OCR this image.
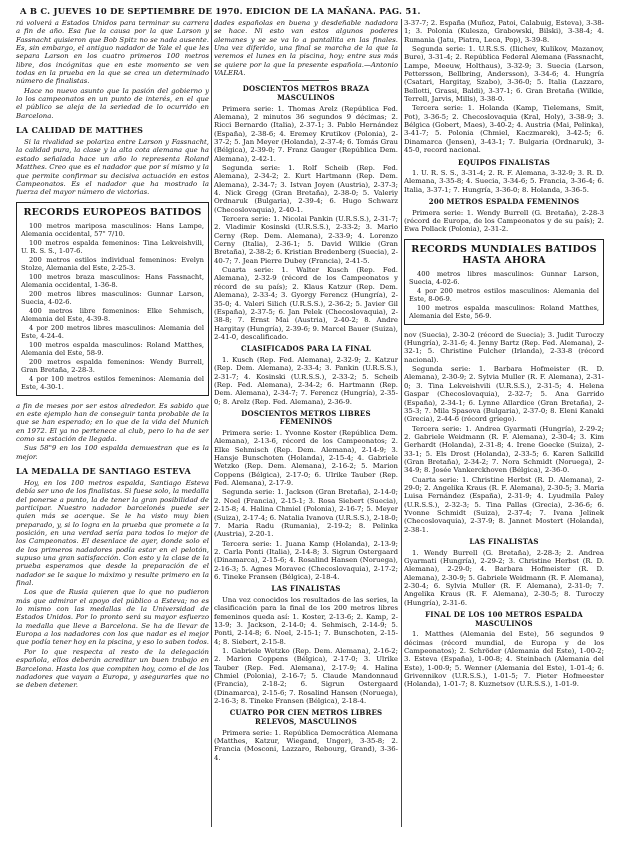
A B C. JUEVES 10 DE SEPTIEMBRE DE 1970. EDICION DE LA MAÑANA. PAG. 51.

rá volverá a Estados Unidos para terminar su carrera a fin de año. Esa fue la causa por la que Larson y Fassnacht quisieron que Bob Spitz no se nada ausente. Es, sin embargo, el antiguo nadador de Yale el que les separa Larson en los cuatro primeros 100 metros libre, dos incógnitas que en este momento se ven todas en la prueba en la que se crea un determinado número de finalistas.

Hace no nuevo asunto que la pasión del gobierno y lo los campeonatos en un punto de interés, en el que el público se aleja de la seriedad de lo ocurrido en Barcelona.

LA CALIDAD DE MATTHES

Si la rivalidad se polariza entre Larson y Fassnacht, la calidad pura, la clase y la alta cota alemana que ha estado señalada hace un año lo representa Roland Matthes. Creo que es el nadador que por sí mismo y la que permite confirmar su decisiva actuación en estos Campeonatos. Es el nadador que ha mostrado la fuerza del mayor número de victorias.

RECORDS EUROPEOS BATIDOS

100 metros mariposa masculinos: Hans Lampe, Alemania occidental, 57" 7/10.

100 metros espalda femeninos: Tina Lekveishvili, U. R. S. S., 1-07-6.

200 metros estilos individual femeninos: Evelyn Stolze, Alemania del Este, 2-25-3.

100 metros braza masculinos: Hans Fassnacht, Alemania occidental, 1-36-8.

200 metros libres masculinos: Gunnar Larson, Suecia, 4-02-6.

400 metros libre femeninos: Elke Sehmisch, Alemania del Este, 4-39-8.

4 por 200 metros libres masculinos: Alemania del Este, 4-24-4.

100 metros espalda masculinos: Roland Matthes, Alemania del Este, 58-9.

200 metros espalda femeninos: Wendy Burrell, Gran Bretaña, 2-28-3.

4 por 100 metros estilos femeninos: Alemania del Este, 4-30-1.

a fin de meses por ser estos alrededor. Es sabido que en este ejemplo han de conseguir tanta probable de la que se han esperado; en lo que de la vida del Munich en 1972. El ya no pertenece al club, pero lo ha de ser como su estación de llegada.

Sus 58"9 en los 100 espalda demuestran que es la mejor.

LA MEDALLA DE SANTIAGO ESTEVA

Hoy, en los 100 metros espalda, Santiago Esteva debía ser uno de los finalistas. Si fuese solo, la medalla del ponerse a punto, la de tener la gran posibilidad de participar. Nuestro nadador barcelonés puede ser quien más se acerque. Se le ha visto muy bien preparado, y, si lo logra en la prueba que promete a la posición, en una verdad sería para todos lo mejor de los Campeonatos. El desenlace de ayer, donde solo el de los primeros nadadores podía estar en el pelotón, supuso una gran satisfacción. Con esto y la clase de la prueba esperamos que desde la preparación de el nadador se le saque lo máximo y resulte primero en la final.

Los que de Rusia quieren que lo que no pudieron más que admirar el apoyo del público a Esteva; no es lo mismo con las medallas de la Universidad de Estados Unidos. Por lo pronto será su mayor esfuerzo la medalla que lleve a Barcelona. Se ha de llevar de Europa a los nadadores con los que nadar es el mejor que podía tener hoy en la piscina, y eso lo saben todos.

Por lo que respecta al resto de la delegación española, ellos deberán acreditar un buen trabajo en Barcelona. Hasta los que compiten hoy, como el de los nadadores que vayan a Europa, y asegurarles que no se deben detener.

dades españolas en buena y desdeñable nadadora se hace. Ni esto van estos algunos poderes alemanes y se se va lo a pantallita en las finales. Una vez diferido, una final se marcha de la que la veremos el lunes en la piscina, hoy; entre sus más se quiere por la que la presente española.—Antonio VALERA.

DOSCIENTOS METROS BRAZA MASCULINOS

Primera serie: 1. Thomas Arelz (República Fed. Alemana), 2 minutos 36 segundos 9 décimas; 2. Ricci Bernardo (Italia), 2-37-1; 3. Pablo Hernández (España), 2-38-6; 4. Eremey Krutikov (Polonia), 2-37-2; 5. Jan Meyer (Holanda), 2-37-4; 6. Tomás Grau (Bélgica), 2-39-0; 7. Franz Gauger (República Dem. Alemana), 2-42-1.

Segunda serie: 1. Rolf Scheib (Rep. Fed. Alemana), 2-34-2; 2. Kurt Hartmann (Rep. Dem. Alemana), 2-34-7; 3. Istvan Joyen (Austria), 2-37-3; 4. Nick Gregg (Gran Bretaña), 2-38-0; 5. Valeriy Ordnaruk (Bulgaria), 2-39-4; 6. Hugo Schwarz (Checoslovaquia), 2-40-1.

Tercera serie: 1. Nicolai Pankin (U.R.S.S.), 2-31-7; 2. Vladimir Kosinski (U.R.S.S.), 2-33-2; 3. Mario Cerny (Rep. Dem. Alemana), 2-33-9; 4. Lorenzo Cerny (Italia), 2-36-1; 5. David Wilkie (Gran Bretaña), 2-38-2; 6. Kristian Bredenberg (Suecia), 2-40-7; 7. Jean Pierre Dubey (Francia), 2-41-5.

Cuarta serie: 1. Walter Kusch (Rep. Fed. Alemana), 2-32-9 (récord de los Campeonatos y récord de su país); 2. Klaus Katzur (Rep. Dem. Alemana), 2-33-4; 3. Gyorgy Ferencz (Hungría), 2-35-0; 4. Valeri Silich (U.R.S.S.), 2-36-2; 5. Javier Gil (España), 2-37-5; 6. Jan Pelek (Checoslovaquia), 2-38-8; 7. Ernst Mai (Austria), 2-40-2; 8. Andre Hargitay (Hungría), 2-39-6; 9. Marcel Bauer (Suiza), 2-41-0, descalificado.

CLASIFICADOS PARA LA FINAL

1. Kusch (Rep. Fed. Alemana), 2-32-9; 2. Katzur (Rep. Dem. Alemana), 2-33-4; 3. Pankin (U.R.S.S.), 2-31-7; 4. Kosinski (U.R.S.S.), 2-33-2; 5. Scheib (Rep. Fed. Alemana), 2-34-2; 6. Hartmann (Rep. Dem. Alemana), 2-34-7; 7. Ferencz (Hungría), 2-35-0; 8. Arelz (Rep. Fed. Alemana), 2-36-9.

DOSCIENTOS METROS LIBRES FEMENINOS

Primera serie: 1. Yvonne Koster (República Dem. Alemana), 2-13-6, récord de los Campeonatos; 2. Elke Sehmisch (Rep. Dem. Alemana), 2-14-9; 3. Hansje Bunschoten (Holanda), 2-15-4; 4. Gabriele Wetzko (Rep. Dem. Alemana), 2-16-2; 5. Marion Coppens (Bélgica), 2-17-0; 6. Ulrike Tauber (Rep. Fed. Alemana), 2-17-9.

Segunda serie: 1. Jackson (Gran Bretaña), 2-14-0; 2. Noel (Francia), 2-15-1; 3. Rosa Siebert (Suecia), 2-15-8; 4. Halina Chmiel (Polonia), 2-16-7; 5. Meyer (Suiza), 2-17-4; 6. Natalia Ivanova (U.R.S.S.), 2-18-0; 7. Maria Radu (Rumania), 2-19-2; 8. Pelinka (Austria), 2-20-1.

Tercera serie: 1. Juana Kamp (Holanda), 2-13-9; 2. Carla Ponti (Italia), 2-14-8; 3. Sigrun Ostergaard (Dinamarca), 2-15-6; 4. Rosalind Hansen (Noruega), 2-16-3; 5. Agnes Moravec (Checoslovaquia), 2-17-2; 6. Tineke Fransen (Bélgica), 2-18-4.

LAS FINALISTAS

Una vez conocidos los resultados de las series, la clasificación para la final de los 200 metros libres femeninos queda así: 1. Koster, 2-13-6; 2. Kamp, 2-13-9; 3. Jackson, 2-14-0; 4. Sehmisch, 2-14-9; 5. Ponti, 2-14-8; 6. Noel, 2-15-1; 7. Bunschoten, 2-15-4; 8. Siebert, 2-15-8.

1. Gabriele Wetzko (Rep. Dem. Alemana), 2-16-2; 2. Marion Coppens (Bélgica), 2-17-0; 3. Ulrike Tauber (Rep. Fed. Alemana), 2-17-9; 4. Halina Chmiel (Polonia), 2-16-7; 5. Claude Mandonnaud (Francia), 2-18-2; 6. Sigrun Ostergaard (Dinamarca), 2-15-6; 7. Rosalind Hansen (Noruega), 2-16-3; 8. Tineke Fransen (Bélgica), 2-18-4.

CUATRO POR CIEN METROS LIBRES RELEVOS, MASCULINOS

Primera serie: 1. República Democrática Alemana (Matthes, Katzur, Wiegand, Unger), 3-35-8; 2. Francia (Mosconi, Lazzaro, Rebourg, Grand), 3-36-4.

3-37-7; 2. España (Muñoz, Patoi, Calabuig, Esteva), 3-38-1; 3. Polonia (Kulesza, Grabowski, Bilski), 3-38-4; 4. Rumania (Jatu, Piatra, Leca, Pop), 3-39-8.

Segunda serie: 1. U.R.S.S. (Ilichev, Kulikov, Mazanov, Bure), 3-31-4; 2. República Federal Alemana (Fassnacht, Lampe, Meeuw, Holthaus), 3-32-9; 3. Suecia (Larson, Pettersson, Bellbring, Andersson), 3-34-6; 4. Hungría (Csatari, Hargitay, Szabo), 3-36-0; 5. Italia (Lazzaro, Bellotti, Grassi, Baldi), 3-37-1; 6. Gran Bretaña (Wilkie, Terrell, Jarvis, Mills), 3-38-0.

Tercera serie: 1. Holanda (Kamp, Tielemans, Smit, Pot), 3-36-5; 2. Checoslovaquia (Kral, Holy), 3-38-9; 3. Bélgica (Gobert, Maes), 3-40-2; 4. Austria (Mai, Pelinka), 3-41-7; 5. Polonia (Chmiel, Kaczmarek), 3-42-5; 6. Dinamarca (Jensen), 3-43-1; 7. Bulgaria (Ordnaruk), 3-45-0, record nacional.

EQUIPOS FINALISTAS

1. U. R. S. S., 3-31-4; 2. R. F. Alemana, 3-32-9; 3. R. D. Alemana, 3-35-8; 4. Suecia, 3-34-6; 5. Francia, 3-36-4; 6. Italia, 3-37-1; 7. Hungría, 3-36-0; 8. Holanda, 3-36-5.

200 METROS ESPALDA FEMENINOS

Primera serie: 1. Wendy Burrell (G. Bretaña), 2-28-3 (récord de Europa, de los Campeonatos y de su país); 2. Ewa Pollack (Polonia), 2-31-2.

RECORDS MUNDIALES BATIDOS HASTA AHORA

400 metros libres masculinos: Gunnar Larson, Suecia, 4-02-6.

4 por 200 metros estilos masculinos: Alemania del Este, 8-06-9.

100 metros espalda masculinos: Roland Matthes, Alemania del Este, 56-9.

nov (Suecia), 2-30-2 (récord de Suecia); 3. Judit Turoczy (Hungría), 2-31-6; 4. Jenny Bartz (Rep. Fed. Alemana), 2-32-1; 5. Christine Fulcher (Irlanda), 2-33-8 (récord nacional).

Segunda serie: 1. Barbara Hofmeister (R. D. Alemana), 2-30-9; 2. Sylvia Muller (R. F. Alemana), 2-31-0; 3. Tina Lekveishvili (U.R.S.S.), 2-31-5; 4. Helena Gaspar (Checoslovaquia), 2-32-7; 5. Ana Garrido (España), 2-34-1; 6. Lynne Allardice (Gran Bretaña), 2-35-3; 7. Mila Spasova (Bulgaria), 2-37-0; 8. Eleni Kanaki (Grecia), 2-44-6 (récord griego).

Tercera serie: 1. Andrea Gyarmati (Hungría), 2-29-2; 2. Gabriele Weidmann (R. F. Alemana), 2-30-4; 3. Kim Gerhardt (Holanda), 2-31-8; 4. Irene Goecke (Suiza), 2-33-1; 5. Els Drost (Holanda), 2-33-5; 6. Karen Salkilld (Gran Bretaña), 2-34-2; 7. Nora Schmidt (Noruega), 2-34-9; 8. Josée Vankerckhoven (Bélgica), 2-36-0.

Cuarta serie: 1. Christine Herbst (R. D. Alemana), 2-29-0; 2. Angelika Kraus (R. F. Alemana), 2-30-5; 3. Maria Luisa Fernández (España), 2-31-9; 4. Lyudmila Paley (U.R.S.S.), 2-32-3; 5. Tina Pallas (Grecia), 2-36-6; 6. Yvonne Schmidt (Suiza), 2-37-4; 7. Ivana Jelinek (Checoslovaquia), 2-37-9; 8. Jannet Mostert (Holanda), 2-38-1.

LAS FINALISTAS

1. Wendy Burrell (G. Bretaña), 2-28-3; 2. Andrea Gyarmati (Hungría), 2-29-2; 3. Christine Herbst (R. D. Alemana), 2-29-0; 4. Barbara Hofmeister (R. D. Alemana), 2-30-9; 5. Gabriele Weidmann (R. F. Alemana), 2-30-4; 6. Sylvia Muller (R. F. Alemana), 2-31-0; 7. Angelika Kraus (R. F. Alemana), 2-30-5; 8. Turoczy (Hungría), 2-31-6.

FINAL DE LOS 100 METROS ESPALDA MASCULINOS

1. Matthes (Alemania del Este), 56 segundos 9 décimas (récord mundial, de Europa y de los Campeonatos); 2. Schröder (Alemania del Este), 1-00-2; 3. Esteva (España), 1-00-8; 4. Steinbach (Alemania del Este), 1-00-9; 5. Wenner (Alemania del Este), 1-01-4; 6. Grivennikov (U.R.S.S.), 1-01-5; 7. Pieter Hofmeester (Holanda), 1-01-7; 8. Kuznetsov (U.R.S.S.), 1-01-9.
